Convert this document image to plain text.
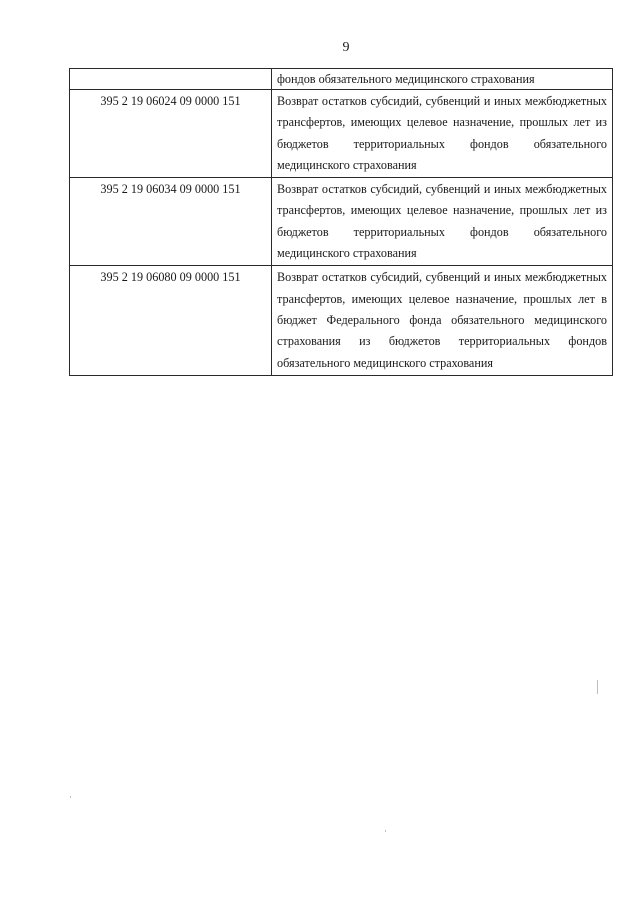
9
	фондов обязательного медицинского страхования
395 2 19 06024 09 0000 151	Возврат остатков субсидий, субвенций и иных межбюджетных трансфертов, имеющих целевое назначение, прошлых лет из бюджетов территориальных фондов обязательного медицинского страхования
395 2 19 06034 09 0000 151	Возврат остатков субсидий, субвенций и иных межбюджетных трансфертов, имеющих целевое назначение, прошлых лет из бюджетов территориальных фондов обязательного медицинского страхования
395 2 19 06080 09 0000 151	Возврат остатков субсидий, субвенций и иных межбюджетных трансфертов, имеющих целевое назначение, прошлых лет в бюджет Федерального фонда обязательного медицинского страхования из бюджетов территориальных фондов обязательного медицинского страхования
